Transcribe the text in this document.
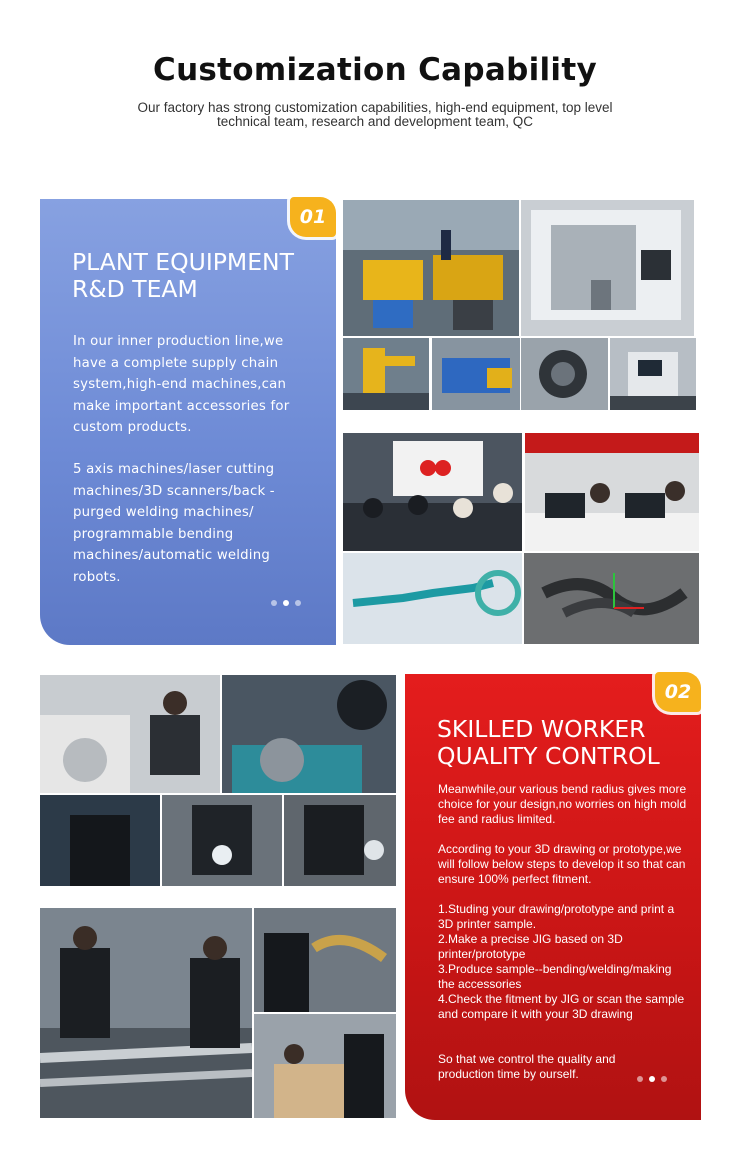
Customization Capability
Our factory has strong customization capabilities, high-end equipment, top level technical team, research and development team, QC
01
PLANT EQUIPMENT
R&D TEAM

In our inner production line,we have a complete supply chain system,high-end machines,can make important accessories for custom products.

5 axis machines/laser cutting machines/3D scanners/back -purged welding machines/ programmable bending machines/automatic welding robots.

02
SKILLED WORKER
QUALITY CONTROL

Meanwhile,our various bend radius gives more choice for your design,no worries on high mold fee and radius limited.

According to your 3D drawing or prototype,we will follow below steps to develop it so that can ensure 100% perfect fitment.

1.Studing your drawing/prototype and print a 3D printer sample.

2.Make a precise JIG based on 3D printer/prototype

3.Produce sample--bending/welding/making the accessories

4.Check the fitment by JIG or scan the sample and compare it with your 3D drawing

So that we control the quality and production time by ourself.
